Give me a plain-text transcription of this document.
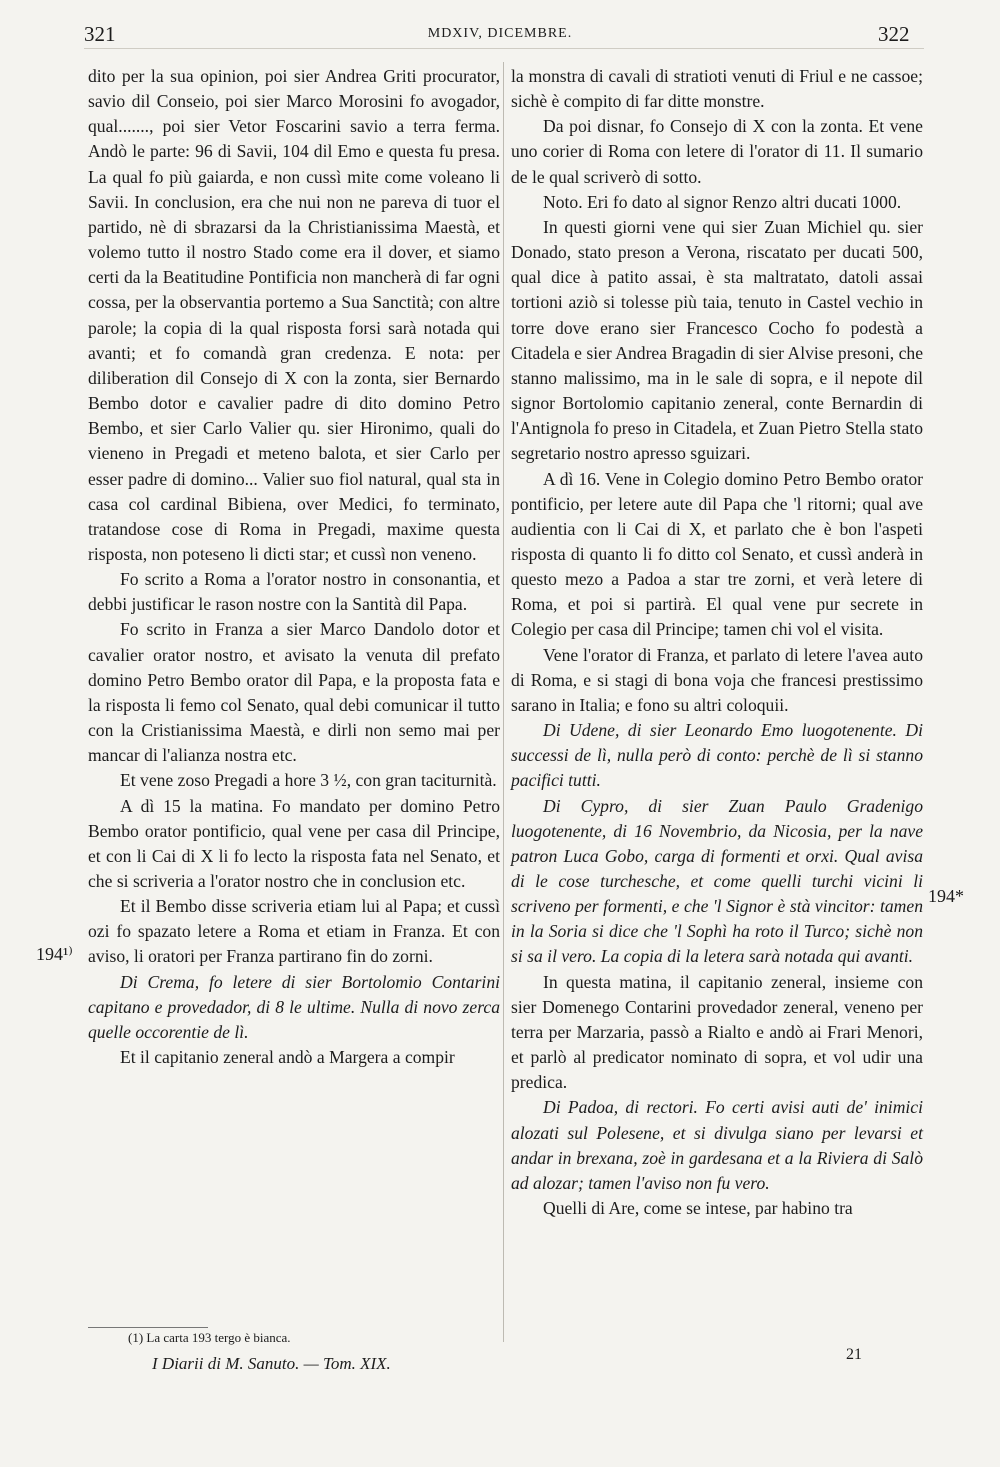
321	MDXIV, DICEMBRE.	322

dito per la sua opinion, poi sier Andrea Griti procurator, savio dil Conseio, poi sier Marco Morosini fo avogador, qual......., poi sier Vetor Foscarini savio a terra ferma. Andò le parte: 96 di Savii, 104 dil Emo e questa fu presa. La qual fo più gaiarda, e non cussì mite come voleano li Savii. In conclusion, era che nui non ne pareva di tuor el partido, nè di sbrazarsi da la Christianissima Maestà, et volemo tutto il nostro Stado come era il dover, et siamo certi da la Beatitudine Pontificia non mancherà di far ogni cossa, per la observantia portemo a Sua Sanctità; con altre parole; la copia di la qual risposta forsi sarà notada qui avanti; et fo comandà gran credenza. E nota: per diliberation dil Consejo di X con la zonta, sier Bernardo Bembo dotor e cavalier padre di dito domino Petro Bembo, et sier Carlo Valier qu. sier Hironimo, quali do vieneno in Pregadi et meteno balota, et sier Carlo per esser padre di domino... Valier suo fiol natural, qual sta in casa col cardinal Bibiena, over Medici, fo terminato, tratandose cose di Roma in Pregadi, maxime questa risposta, non poteseno li dicti star; et cussì non veneno.

Fo scrito a Roma a l'orator nostro in consonantia, et debbi justificar le rason nostre con la Santità dil Papa.

Fo scrito in Franza a sier Marco Dandolo dotor et cavalier orator nostro, et avisato la venuta dil prefato domino Petro Bembo orator dil Papa, e la proposta fata e la risposta li femo col Senato, qual debi comunicar il tutto con la Cristianissima Maestà, e dirli non semo mai per mancar di l'alianza nostra etc.

Et vene zoso Pregadi a hore 3 ½, con gran taciturnità.

A dì 15 la matina. Fo mandato per domino Petro Bembo orator pontificio, qual vene per casa dil Principe, et con li Cai di X li fo lecto la risposta fata nel Senato, et che si scriveria a l'orator nostro che in conclusion etc.

Et il Bembo disse scriveria etiam lui al Papa; et cussì ozi fo spazato letere a Roma et etiam in Franza. Et con aviso, li oratori per Franza partirano fin do zorni.

Di Crema, fo letere di sier Bortolomio Contarini capitano e provedador, di 8 le ultime. Nulla di novo zerca quelle occorentie de lì.

Et il capitanio zeneral andò a Margera a compir

la monstra di cavali di stratioti venuti di Friul e ne cassoe; sichè è compito di far ditte monstre.

Da poi disnar, fo Consejo di X con la zonta. Et vene uno corier di Roma con letere di l'orator di 11. Il sumario de le qual scriverò di sotto.

Noto. Eri fo dato al signor Renzo altri ducati 1000.

In questi giorni vene qui sier Zuan Michiel qu. sier Donado, stato preson a Verona, riscatato per ducati 500, qual dice à patito assai, è sta maltratato, datoli assai tortioni aziò si tolesse più taia, tenuto in Castel vechio in torre dove erano sier Francesco Cocho fo podestà a Citadela e sier Andrea Bragadin di sier Alvise presoni, che stanno malissimo, ma in le sale di sopra, e il nepote dil signor Bortolomio capitanio zeneral, conte Bernardin di l'Antignola fo preso in Citadela, et Zuan Pietro Stella stato segretario nostro apresso sguizari.

A dì 16. Vene in Colegio domino Petro Bembo orator pontificio, per letere aute dil Papa che 'l ritorni; qual ave audientia con li Cai di X, et parlato che è bon l'aspeti risposta di quanto li fo ditto col Senato, et cussì anderà in questo mezo a Padoa a star tre zorni, et verà letere di Roma, et poi si partirà. El qual vene pur secrete in Colegio per casa dil Principe; tamen chi vol el visita.

Vene l'orator di Franza, et parlato di letere l'avea auto di Roma, e si stagi di bona voja che francesi prestissimo sarano in Italia; e fono su altri coloquii.

Di Udene, di sier Leonardo Emo luogotenente. Di successi de lì, nulla però di conto: perchè de lì si stanno pacifici tutti.

Di Cypro, di sier Zuan Paulo Gradenigo luogotenente, di 16 Novembrio, da Nicosia, per la nave patron Luca Gobo, carga di formenti et orxi. Qual avisa di le cose turchesche, et come quelli turchi vicini li scriveno per formenti, e che 'l Signor è stà vincitor: tamen in la Soria si dice che 'l Sophì ha roto il Turco; sichè non si sa il vero. La copia di la letera sarà notada qui avanti.

In questa matina, il capitanio zeneral, insieme con sier Domenego Contarini provedador zeneral, veneno per terra per Marzaria, passò a Rialto e andò ai Frari Menori, et parlò al predicator nominato di sopra, et vol udir una predica.

Di Padoa, di rectori. Fo certi avisi auti de' inimici alozati sul Polesene, et si divulga siano per levarsi et andar in brexana, zoè in gardesana et a la Riviera di Salò ad alozar; tamen l'aviso non fu vero.

Quelli di Are, come se intese, par habino tra

194¹⁾
194*
(1) La carta 193 tergo è bianca.
I Diarii di M. Sanuto. — Tom. XIX.	21
